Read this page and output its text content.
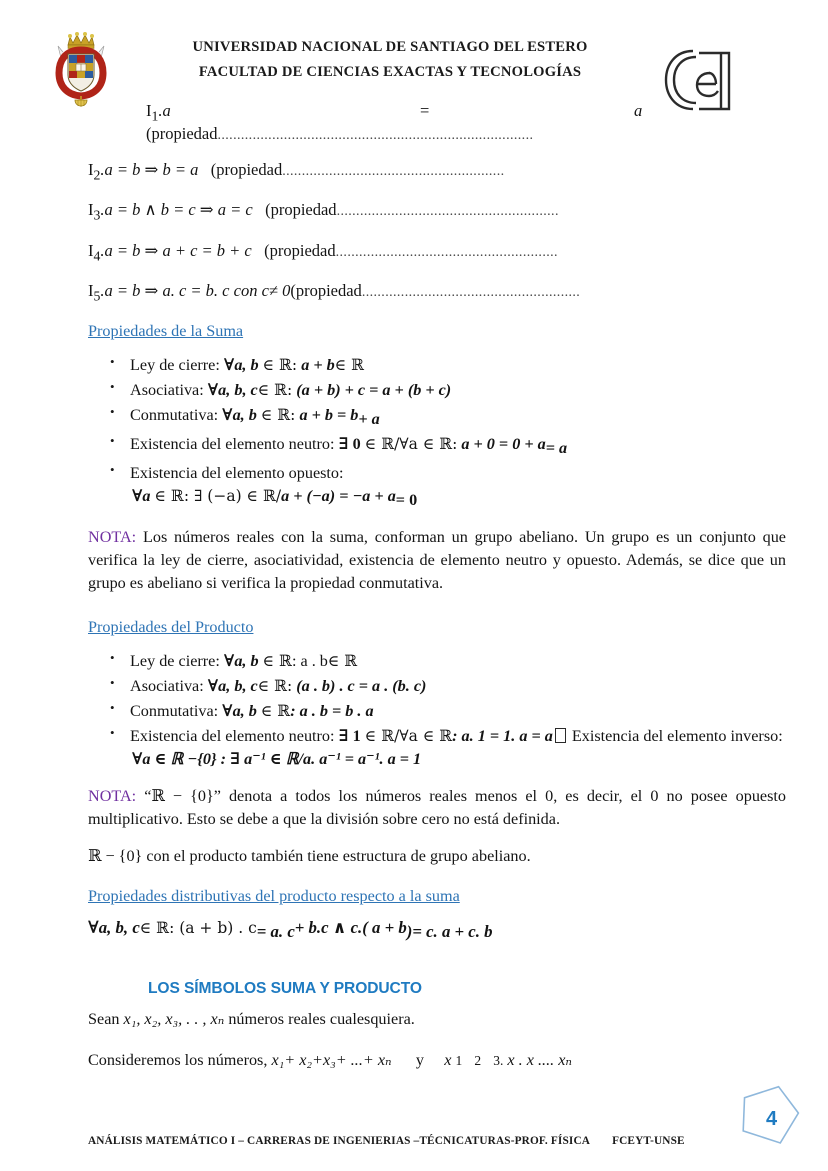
UNIVERSIDAD NACIONAL DE SANTIAGO DEL ESTERO
FACULTAD DE CIENCIAS EXACTAS Y TECNOLOGÍAS
$I_1.a$	=	a
(propiedad.................................................................................
$I_2.a = b$ ⇒ b = a (propiedad.........................................................
$I_3.a = b$ ∧ b = c ⇒ a = c (propiedad.........................................................
$I_4.a = b$ ⇒ a + c = b + c (propiedad.........................................................
$I_5.a = b$ ⇒ a. c = b. c con c≠ 0(propiedad........................................................
Propiedades de la Suma
• Ley de cierre: ∀a, b ∈ ℝ: a + b∈ ℝ
• Asociativa: ∀a, b, c∈ ℝ: (a + b) + c = a + (b + c)
• Conmutativa: ∀a, b ∈ ℝ: a + b = b+ a
• Existencia del elemento neutro: ∃ 0 ∈ ℝ/∀a ∈ ℝ: a + 0 = 0 + a= a
• Existencia del elemento opuesto:
∀a ∈ ℝ: ∃ (−a) ∈ ℝ/a + (−a) = −a + a= 0

NOTA: Los números reales con la suma, conforman un grupo abeliano. Un grupo es un conjunto que verifica la ley de cierre, asociatividad, existencia de elemento neutro y opuesto. Además, se dice que un grupo es abeliano si verifica la propiedad conmutativa.

Propiedades del Producto
• Ley de cierre: ∀a, b ∈ ℝ: a . b∈ ℝ
• Asociativa: ∀a, b, c∈ ℝ: (a . b) . c = a . (b. c)
• Conmutativa: ∀a, b ∈ ℝ: a . b = b . a
• Existencia del elemento neutro: ∃ 1 ∈ ℝ/∀a ∈ ℝ: a. 1 = 1. a = a Existencia del elemento inverso:
∀a ∈ ℝ −{0} : ∃ a⁻¹ ∈ ℝ/a. a⁻¹ = a⁻¹. a = 1

NOTA: “ℝ − {0}” denota a todos los números reales menos el 0, es decir, el 0 no posee opuesto multiplicativo. Esto se debe a que la división sobre cero no está definida.

ℝ − {0} con el producto también tiene estructura de grupo abeliano.

Propiedades distributivas del producto respecto a la suma
∀a, b, c∈ ℝ: (a + b) . c= a. c+ b.c ∧ c.( a + b)= c. a + c. b
LOS SÍMBOLOS SUMA Y PRODUCTO

Sean x₁, x₂, x₃, . . , xₙ números reales cualesquiera.

Consideremos los números, x₁+ x₂+x₃+ ...+ xₙ y x 1 2 3. x . x .... xₙ

4
ANÁLISIS MATEMÁTICO I – CARRERAS DE INGENIERIAS –TÉCNICATURAS-PROF. FÍSICA FCEYT-UNSE
